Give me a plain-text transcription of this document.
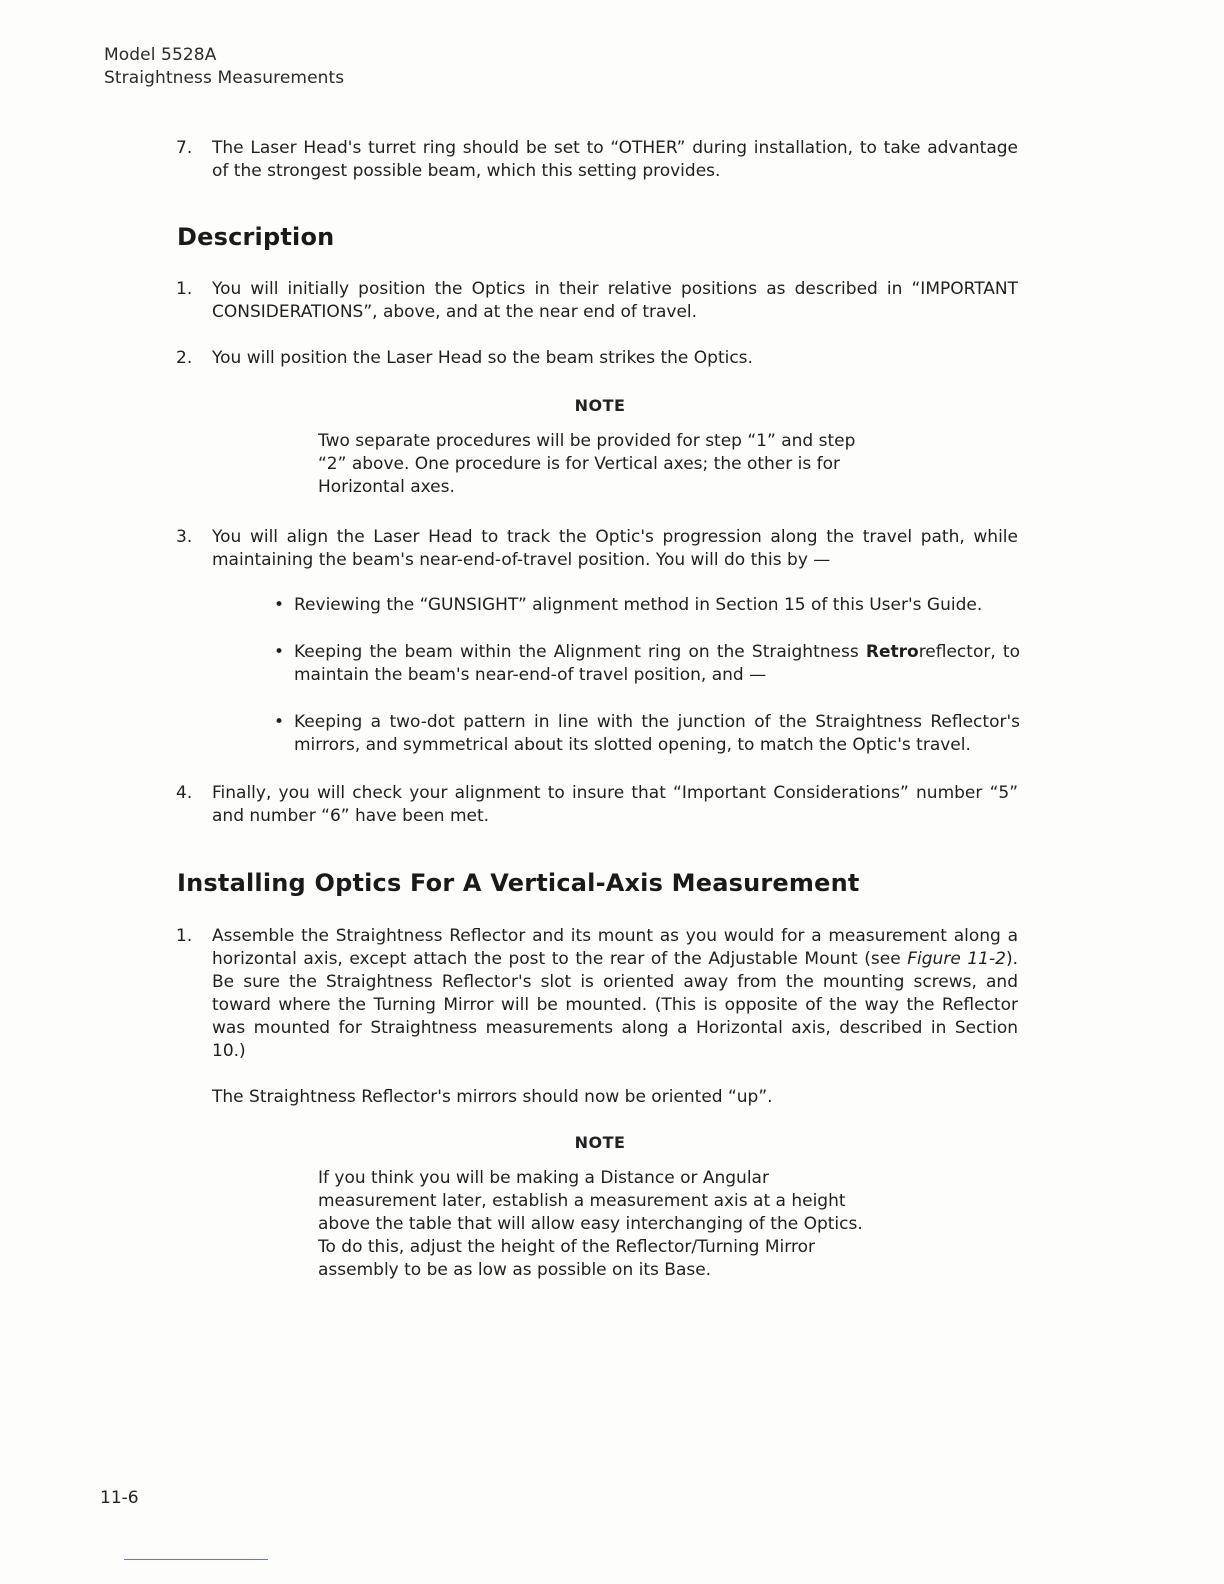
Model 5528A
Straightness Measurements
7.	The Laser Head's turret ring should be set to “OTHER” during installation, to take advantage of the strongest possible beam, which this setting provides.
Description
1.	You will initially position the Optics in their relative positions as described in “IMPORTANT CONSIDERATIONS”, above, and at the near end of travel.
2.	You will position the Laser Head so the beam strikes the Optics.
NOTE
Two separate procedures will be provided for step “1” and step “2” above. One procedure is for Vertical axes; the other is for Horizontal axes.
3.	You will align the Laser Head to track the Optic's progression along the travel path, while maintaining the beam's near-end-of-travel position. You will do this by —
• Reviewing the “GUNSIGHT” alignment method in Section 15 of this User's Guide.
• Keeping the beam within the Alignment ring on the Straightness Retroreflector, to maintain the beam's near-end-of travel position, and —
• Keeping a two-dot pattern in line with the junction of the Straightness Reflector's mirrors, and symmetrical about its slotted opening, to match the Optic's travel.
4.	Finally, you will check your alignment to insure that “Important Considerations” number “5” and number “6” have been met.
Installing Optics For A Vertical-Axis Measurement
1.	Assemble the Straightness Reflector and its mount as you would for a measurement along a horizontal axis, except attach the post to the rear of the Adjustable Mount (see Figure 11-2). Be sure the Straightness Reflector's slot is oriented away from the mounting screws, and toward where the Turning Mirror will be mounted. (This is opposite of the way the Reflector was mounted for Straightness measurements along a Horizontal axis, described in Section 10.)
The Straightness Reflector's mirrors should now be oriented “up”.
NOTE
If you think you will be making a Distance or Angular measurement later, establish a measurement axis at a height above the table that will allow easy interchanging of the Optics. To do this, adjust the height of the Reflector/Turning Mirror assembly to be as low as possible on its Base.
11-6
